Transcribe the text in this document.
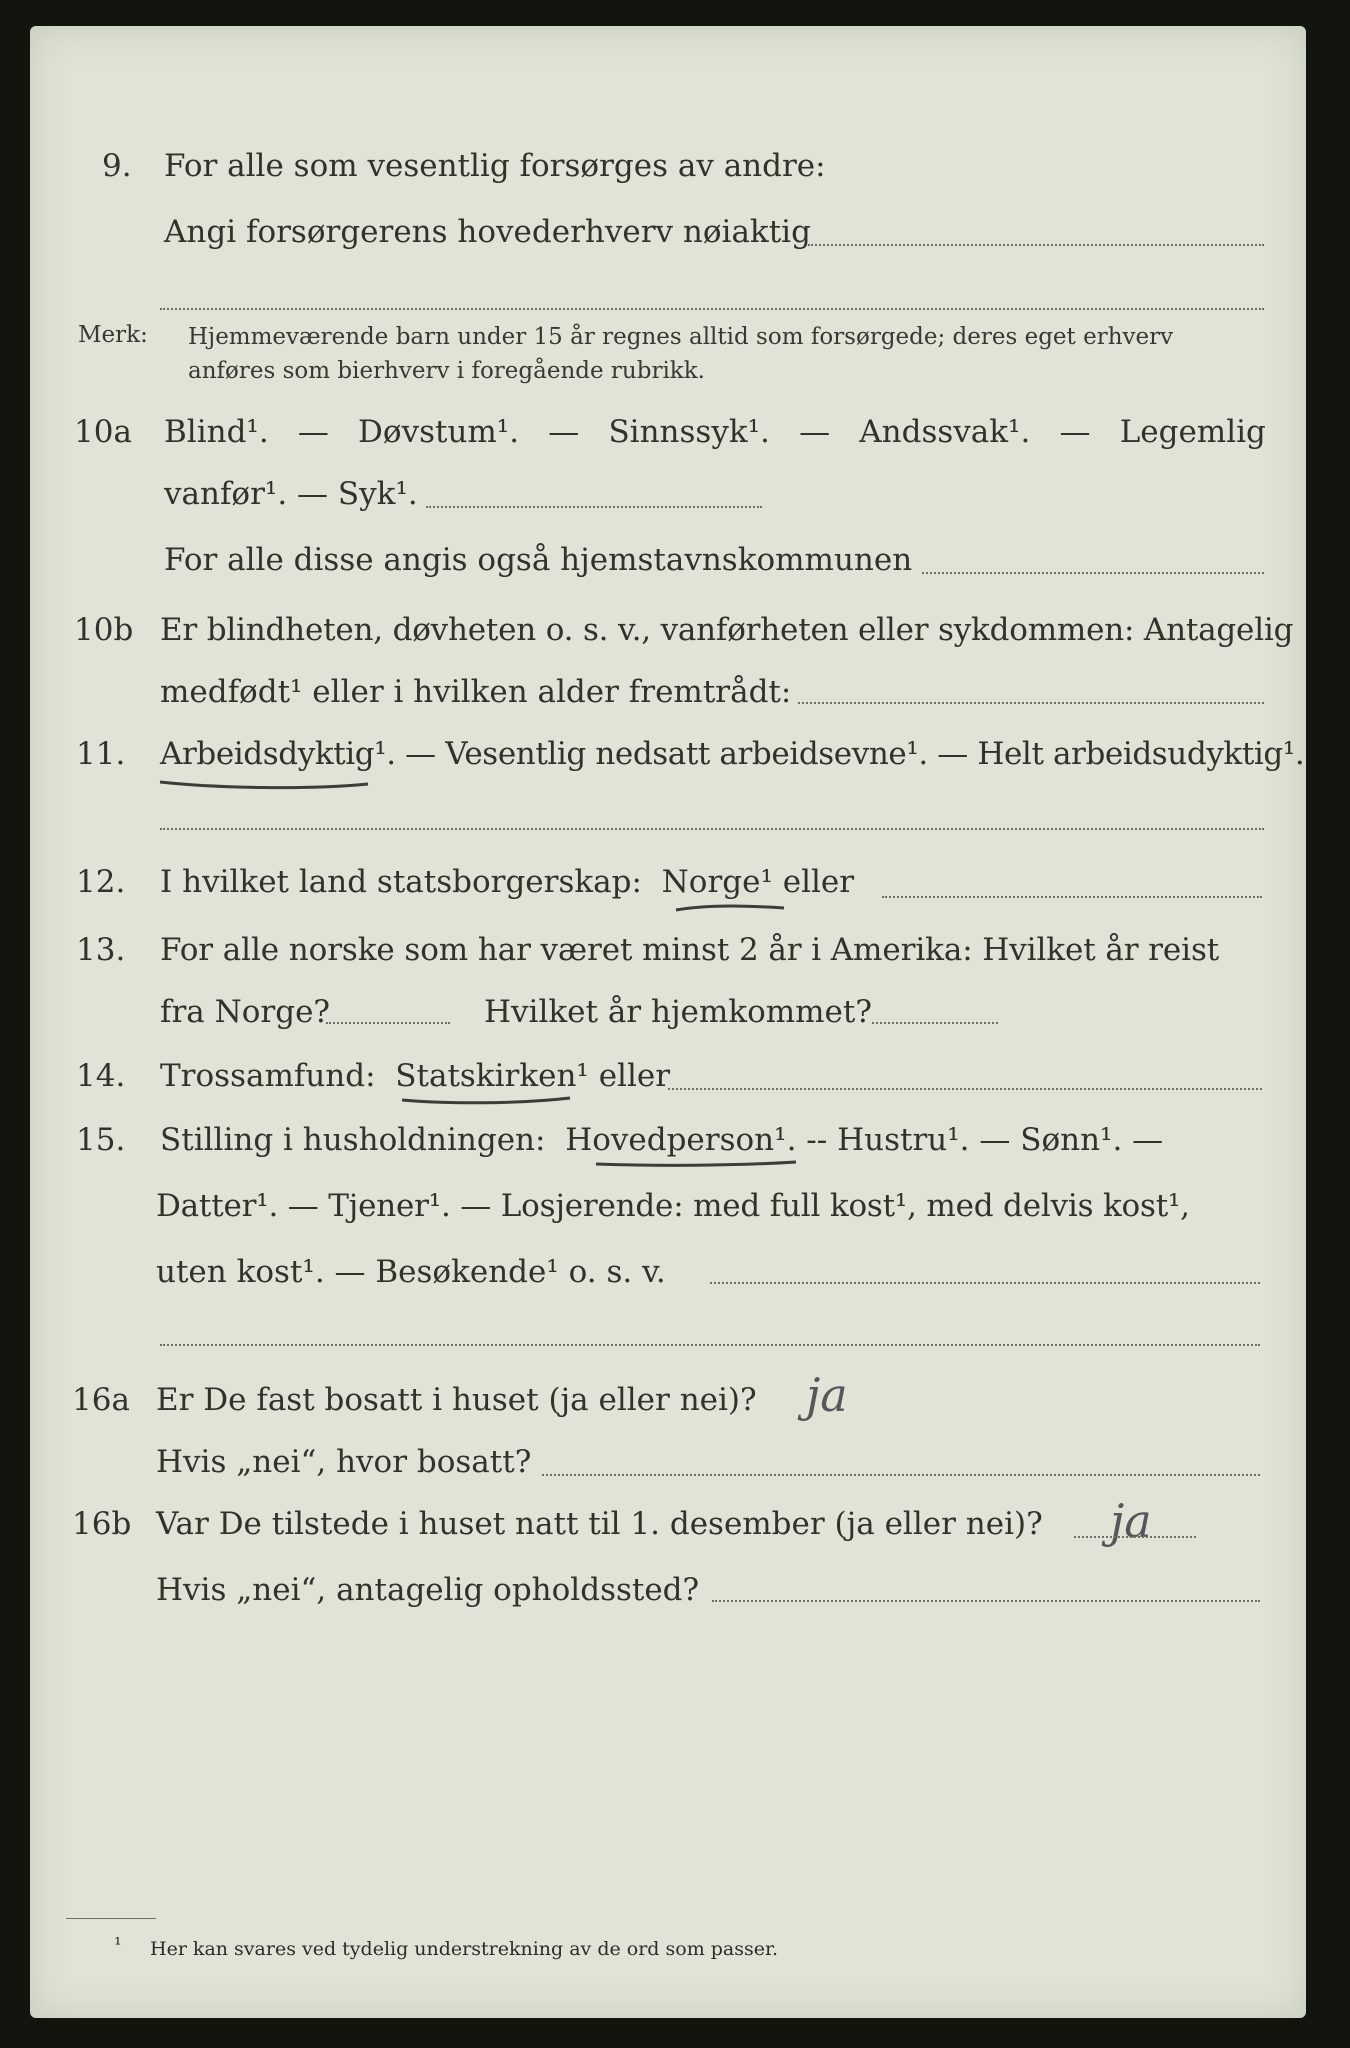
9. For alle som vesentlig forsørges av andre:
Angi forsørgerens hovederhverv nøiaktig
Merk: Hjemmeværende barn under 15 år regnes alltid som forsørgede; deres eget erhverv
anføres som bierhverv i foregående rubrikk.
10a Blind¹. — Døvstum¹. — Sinnssyk¹. — Andssvak¹. — Legemlig
vanfør¹. — Syk¹.
For alle disse angis også hjemstavnskommunen
10b Er blindheten, døvheten o. s. v., vanførheten eller sykdommen: Antagelig
medfødt¹ eller i hvilken alder fremtrådt:
11. Arbeidsdyktig¹. — Vesentlig nedsatt arbeidsevne¹. — Helt arbeidsudyktig¹.
12. I hvilket land statsborgerskap: Norge¹ eller
13. For alle norske som har været minst 2 år i Amerika: Hvilket år reist
fra Norge?	Hvilket år hjemkommet?
14. Trossamfund: Statskirken¹ eller
15. Stilling i husholdningen: Hovedperson¹. -- Hustru¹. — Sønn¹. —
Datter¹. — Tjener¹. — Losjerende: med full kost¹, med delvis kost¹,
uten kost¹. — Besøkende¹ o. s. v.
16a Er De fast bosatt i huset (ja eller nei)? ja
Hvis „nei“, hvor bosatt?
16b Var De tilstede i huset natt til 1. desember (ja eller nei)? ja
Hvis „nei“, antagelig opholdssted?
¹ Her kan svares ved tydelig understrekning av de ord som passer.
